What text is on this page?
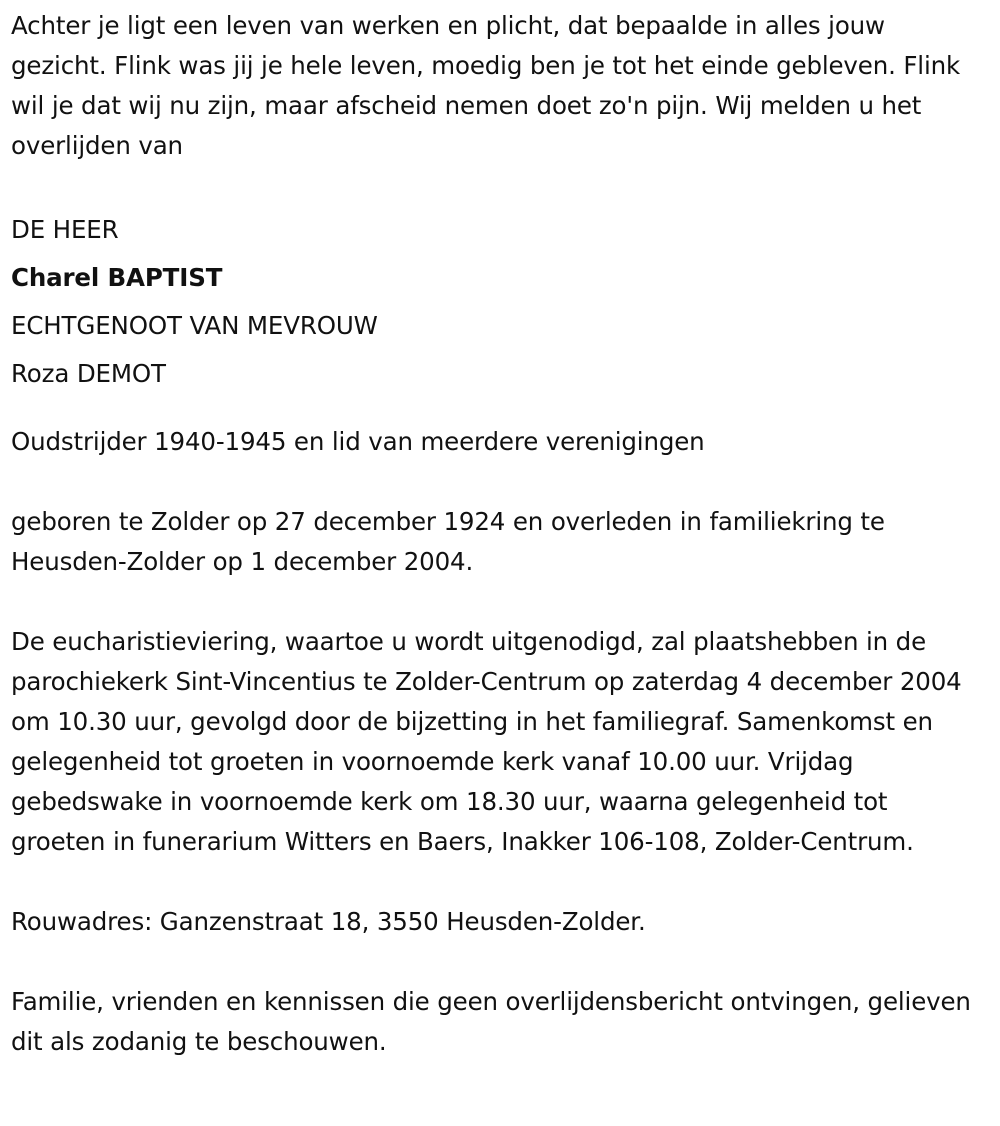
Achter je ligt een leven van werken en plicht, dat bepaalde in alles jouw gezicht. Flink was jij je hele leven, moedig ben je tot het einde gebleven. Flink wil je dat wij nu zijn, maar afscheid nemen doet zo'n pijn. Wij melden u het overlijden van

DE HEER

Charel BAPTIST

ECHTGENOOT VAN MEVROUW

Roza DEMOT

Oudstrijder 1940-1945 en lid van meerdere verenigingen

geboren te Zolder op 27 december 1924 en overleden in familiekring te Heusden-Zolder op 1 december 2004.

De eucharistieviering, waartoe u wordt uitgenodigd, zal plaatshebben in de parochiekerk Sint-Vincentius te Zolder-Centrum op zaterdag 4 december 2004 om 10.30 uur, gevolgd door de bijzetting in het familiegraf. Samenkomst en gelegenheid tot groeten in voornoemde kerk vanaf 10.00 uur. Vrijdag gebedswake in voornoemde kerk om 18.30 uur, waarna gelegenheid tot groeten in funerarium Witters en Baers, Inakker 106-108, Zolder-Centrum.

Rouwadres: Ganzenstraat 18, 3550 Heusden-Zolder.

Familie, vrienden en kennissen die geen overlijdensbericht ontvingen, gelieven dit als zodanig te beschouwen.
